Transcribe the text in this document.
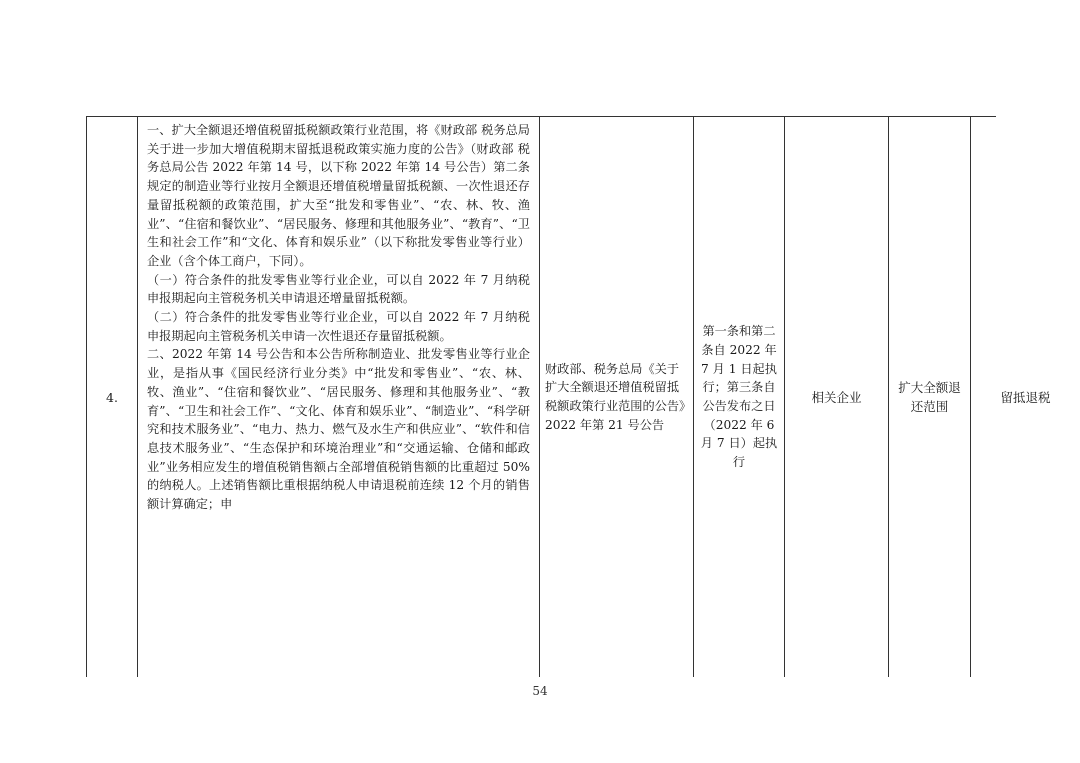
4.

一、扩大全额退还增值税留抵税额政策行业范围，将《财政部 税务总局关于进一步加大增值税期末留抵退税政策实施力度的公告》（财政部 税务总局公告 2022 年第 14 号，以下称 2022 年第 14 号公告）第二条规定的制造业等行业按月全额退还增值税增量留抵税额、一次性退还存量留抵税额的政策范围，扩大至“批发和零售业”、“农、林、牧、渔业”、“住宿和餐饮业”、“居民服务、修理和其他服务业”、“教育”、“卫生和社会工作”和“文化、体育和娱乐业”（以下称批发零售业等行业）企业（含个体工商户，下同）。

（一）符合条件的批发零售业等行业企业，可以自 2022 年 7 月纳税申报期起向主管税务机关申请退还增量留抵税额。

（二）符合条件的批发零售业等行业企业，可以自 2022 年 7 月纳税申报期起向主管税务机关申请一次性退还存量留抵税额。

二、2022 年第 14 号公告和本公告所称制造业、批发零售业等行业企业，是指从事《国民经济行业分类》中“批发和零售业”、“农、林、牧、渔业”、“住宿和餐饮业”、“居民服务、修理和其他服务业”、“教育”、“卫生和社会工作”、“文化、体育和娱乐业”、“制造业”、“科学研究和技术服务业”、“电力、热力、燃气及水生产和供应业”、“软件和信息技术服务业”、“生态保护和环境治理业”和“交通运输、仓储和邮政业”业务相应发生的增值税销售额占全部增值税销售额的比重超过 50%的纳税人。上述销售额比重根据纳税人申请退税前连续 12 个月的销售额计算确定；申

财政部、税务总局《关于扩大全额退还增值税留抵税额政策行业范围的公告》2022 年第 21 号公告
第一条和第二条自 2022 年 7 月 1 日起执行；第三条自公告发布之日（2022 年 6 月 7 日）起执行
相关企业
扩大全额退还范围
留抵退税
54
